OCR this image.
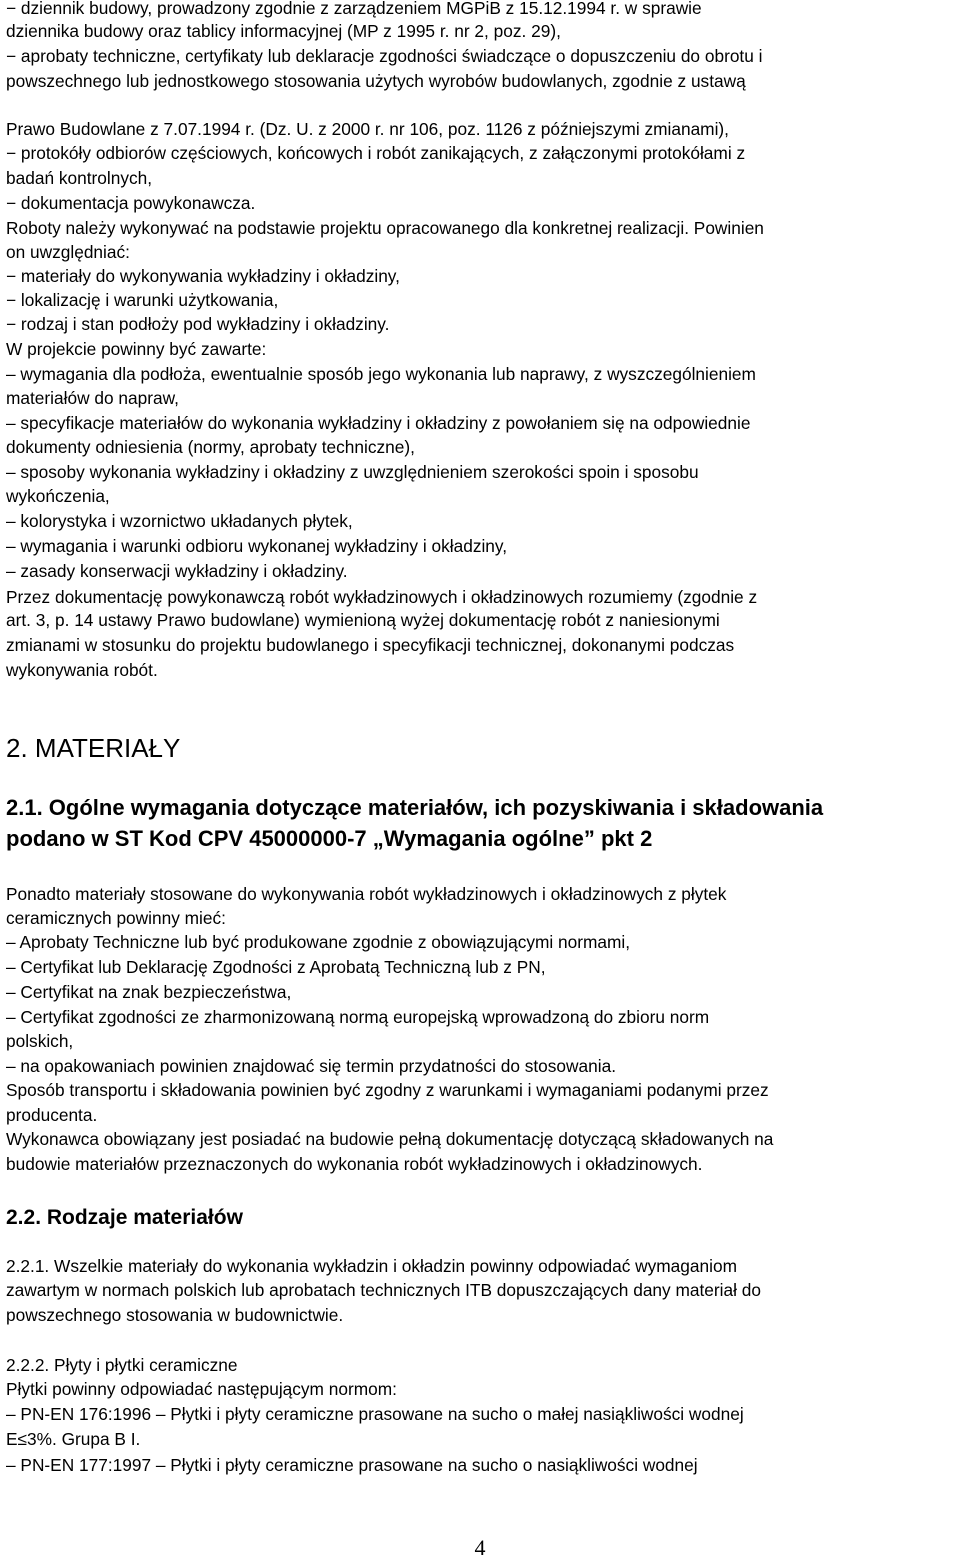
− dziennik budowy, prowadzony zgodnie z zarządzeniem MGPiB z 15.12.1994 r. w sprawie
dziennika budowy oraz tablicy informacyjnej (MP z 1995 r. nr 2, poz. 29),
− aprobaty techniczne, certyfikaty lub deklaracje zgodności świadczące o dopuszczeniu do obrotu i
powszechnego lub jednostkowego stosowania użytych wyrobów budowlanych, zgodnie z ustawą
Prawo Budowlane z 7.07.1994 r. (Dz. U. z 2000 r. nr 106, poz. 1126 z późniejszymi zmianami),
− protokóły odbiorów częściowych, końcowych i robót zanikających, z załączonymi protokółami z
badań kontrolnych,
− dokumentacja powykonawcza.
Roboty należy wykonywać na podstawie projektu opracowanego dla konkretnej realizacji. Powinien
on uwzględniać:
− materiały do wykonywania wykładziny i okładziny,
− lokalizację i warunki użytkowania,
− rodzaj i stan podłoży pod wykładziny i okładziny.
W projekcie powinny być zawarte:
– wymagania dla podłoża, ewentualnie sposób jego wykonania lub naprawy, z wyszczególnieniem
materiałów do napraw,
– specyfikacje materiałów do wykonania wykładziny i okładziny z powołaniem się na odpowiednie
dokumenty odniesienia (normy, aprobaty techniczne),
– sposoby wykonania wykładziny i okładziny z uwzględnieniem szerokości spoin i sposobu
wykończenia,
– kolorystyka i wzornictwo układanych płytek,
– wymagania i warunki odbioru wykonanej wykładziny i okładziny,
– zasady konserwacji wykładziny i okładziny.
Przez dokumentację powykonawczą robót wykładzinowych i okładzinowych rozumiemy (zgodnie z
art. 3, p. 14 ustawy Prawo budowlane) wymienioną wyżej dokumentację robót z naniesionymi
zmianami w stosunku do projektu budowlanego i specyfikacji technicznej, dokonanymi podczas
wykonywania robót.
2. MATERIAŁY
2.1. Ogólne wymagania dotyczące materiałów, ich pozyskiwania i składowania
podano w ST Kod CPV 45000000-7 „Wymagania ogólne” pkt 2
Ponadto materiały stosowane do wykonywania robót wykładzinowych i okładzinowych z płytek
ceramicznych powinny mieć:
– Aprobaty Techniczne lub być produkowane zgodnie z obowiązującymi normami,
– Certyfikat lub Deklarację Zgodności z Aprobatą Techniczną lub z PN,
– Certyfikat na znak bezpieczeństwa,
– Certyfikat zgodności ze zharmonizowaną normą europejską wprowadzoną do zbioru norm
polskich,
– na opakowaniach powinien znajdować się termin przydatności do stosowania.
Sposób transportu i składowania powinien być zgodny z warunkami i wymaganiami podanymi przez
producenta.
Wykonawca obowiązany jest posiadać na budowie pełną dokumentację dotyczącą składowanych na
budowie materiałów przeznaczonych do wykonania robót wykładzinowych i okładzinowych.
2.2. Rodzaje materiałów
2.2.1. Wszelkie materiały do wykonania wykładzin i okładzin powinny odpowiadać wymaganiom
zawartym w normach polskich lub aprobatach technicznych ITB dopuszczających dany materiał do
powszechnego stosowania w budownictwie.
2.2.2. Płyty i płytki ceramiczne
Płytki powinny odpowiadać następującym normom:
– PN-EN 176:1996 – Płytki i płyty ceramiczne prasowane na sucho o małej nasiąkliwości wodnej
E≤3%. Grupa B I.
– PN-EN 177:1997 – Płytki i płyty ceramiczne prasowane na sucho o nasiąkliwości wodnej
4
